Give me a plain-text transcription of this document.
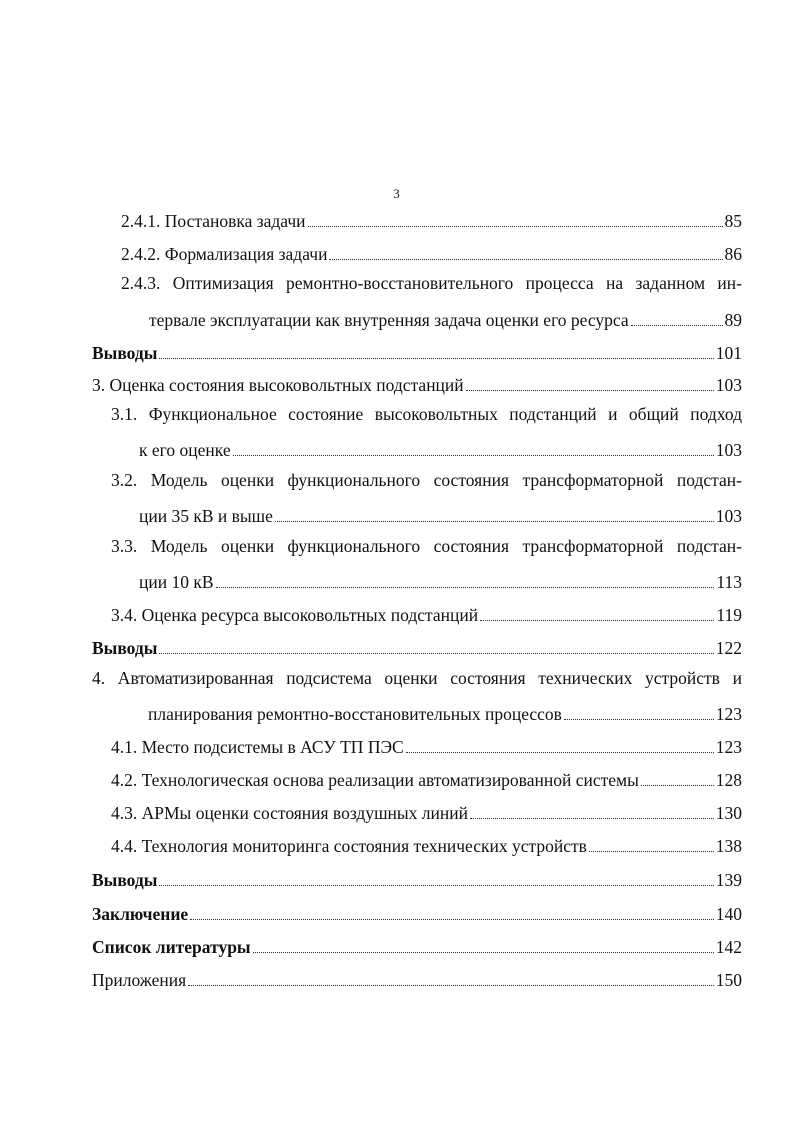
3
2.4.1. Постановка задачи	85
2.4.2. Формализация задачи	86
2.4.3. Оптимизация ремонтно-восстановительного процесса на заданном ин-
тервале эксплуатации как внутренняя задача оценки его ресурса	89
Выводы	101
3. Оценка состояния высоковольтных подстанций	103
3.1. Функциональное состояние высоковольтных подстанций и общий подход
к его оценке	103
3.2. Модель оценки функционального состояния трансформаторной подстан-
ции 35 кВ и выше	103
3.3. Модель оценки функционального состояния трансформаторной подстан-
ции 10 кВ	113
3.4. Оценка ресурса высоковольтных подстанций	119
Выводы	122
4. Автоматизированная подсистема оценки состояния технических устройств и
планирования ремонтно-восстановительных процессов	123
4.1. Место подсистемы в АСУ ТП ПЭС	123
4.2. Технологическая основа реализации автоматизированной системы	128
4.3. АРМы оценки состояния воздушных линий	130
4.4. Технология мониторинга состояния технических устройств	138
Выводы	139
Заключение	140
Список литературы	142
Приложения	150
